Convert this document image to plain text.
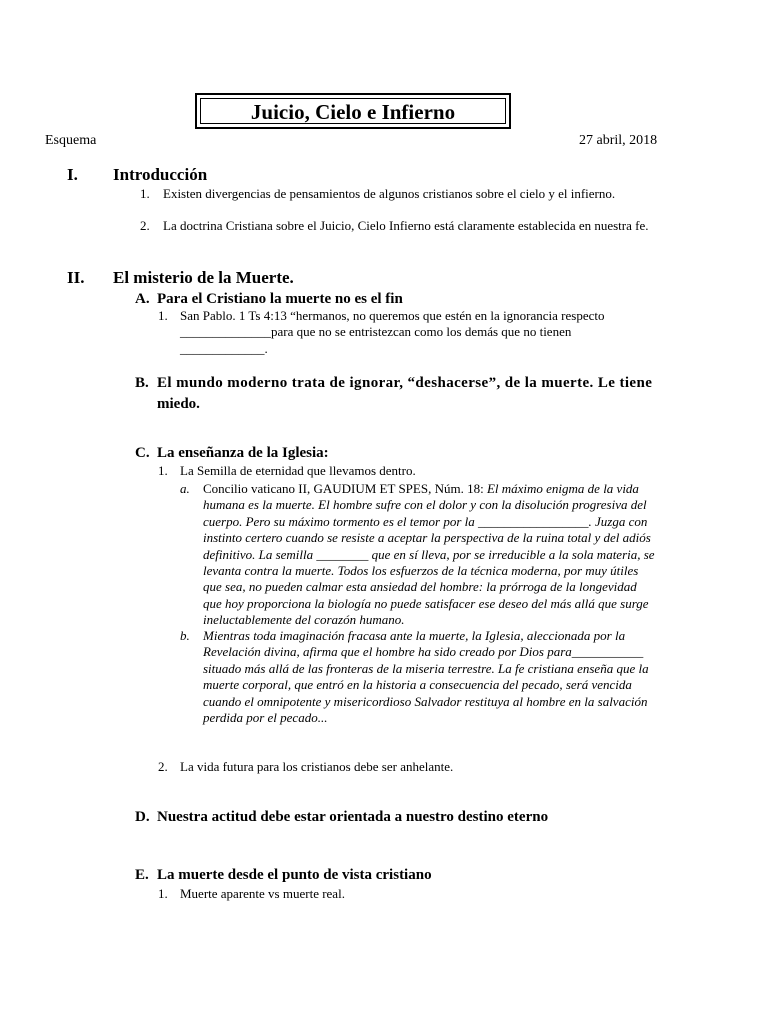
Juicio, Cielo e Infierno
Esquema	27 abril, 2018
I. Introducción
1. Existen divergencias de pensamientos de algunos cristianos sobre el cielo y el infierno.
2. La doctrina Cristiana sobre el Juicio, Cielo Infierno está claramente establecida en nuestra fe.
II. El misterio de la Muerte.
A. Para el Cristiano la muerte no es el fin
1. San Pablo. 1 Ts 4:13 “hermanos, no queremos que estén en la ignorancia respecto
______________para que no se entristezcan como los demás que no tienen
_____________.
B. El mundo moderno trata de ignorar, “deshacerse”, de la muerte. Le tiene
miedo.
C. La enseñanza de la Iglesia:
1. La Semilla de eternidad que llevamos dentro.
a. Concilio vaticano II, GAUDIUM ET SPES, Núm. 18: El máximo enigma de la vida
humana es la muerte. El hombre sufre con el dolor y con la disolución progresiva del
cuerpo. Pero su máximo tormento es el temor por la _________________. Juzga con
instinto certero cuando se resiste a aceptar la perspectiva de la ruina total y del adiós
definitivo. La semilla ________ que en sí lleva, por se irreducible a la sola materia, se
levanta contra la muerte. Todos los esfuerzos de la técnica moderna, por muy útiles
que sea, no pueden calmar esta ansiedad del hombre: la prórroga de la longevidad
que hoy proporciona la biología no puede satisfacer ese deseo del más allá que surge
ineluctablemente del corazón humano.
b. Mientras toda imaginación fracasa ante la muerte, la Iglesia, aleccionada por la
Revelación divina, afirma que el hombre ha sido creado por Dios para___________
situado más allá de las fronteras de la miseria terrestre. La fe cristiana enseña que la
muerte corporal, que entró en la historia a consecuencia del pecado, será vencida
cuando el omnipotente y misericordioso Salvador restituya al hombre en la salvación
perdida por el pecado...
2. La vida futura para los cristianos debe ser anhelante.
D. Nuestra actitud debe estar orientada a nuestro destino eterno
E. La muerte desde el punto de vista cristiano
1. Muerte aparente vs muerte real.
